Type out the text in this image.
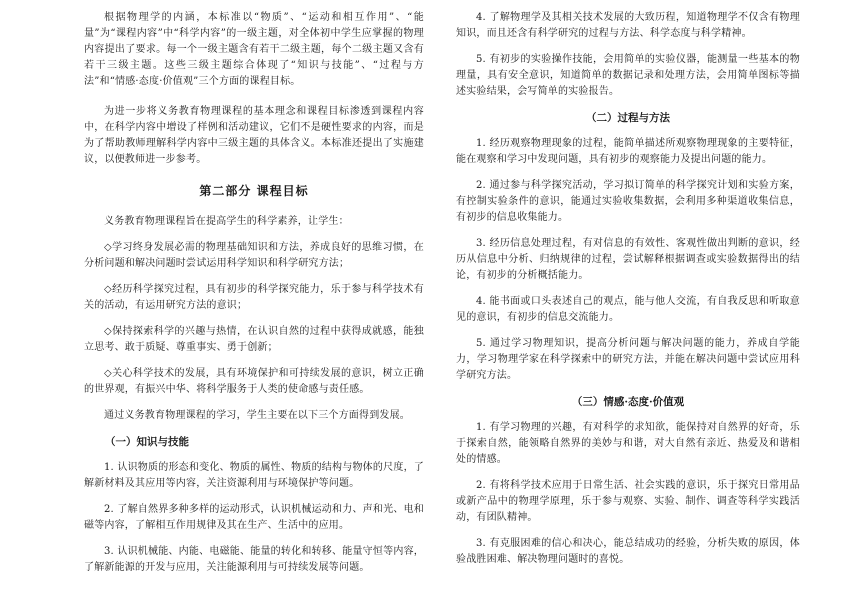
根据物理学的内涵，本标准以“物质”、“运动和相互作用”、“能量”为“课程内容”中“科学内容”的一级主题，对全体初中学生应掌握的物理内容提出了要求。每一个一级主题含有若干二级主题，每个二级主题又含有若干三级主题。这些三级主题综合体现了“知识与技能”、“过程与方法”和“情感·态度·价值观”三个方面的课程目标。

为进一步将义务教育物理课程的基本理念和课程目标渗透到课程内容中，在科学内容中增设了样例和活动建议，它们不是硬性要求的内容，而是为了帮助教师理解科学内容中三级主题的具体含义。本标准还提出了实施建议，以便教师进一步参考。

第二部分 课程目标

义务教育物理课程旨在提高学生的科学素养，让学生：

◇学习终身发展必需的物理基础知识和方法，养成良好的思维习惯，在分析问题和解决问题时尝试运用科学知识和科学研究方法；

◇经历科学探究过程，具有初步的科学探究能力，乐于参与科学技术有关的活动，有运用研究方法的意识；

◇保持探索科学的兴趣与热情，在认识自然的过程中获得成就感，能独立思考、敢于质疑、尊重事实、勇于创新；

◇关心科学技术的发展，具有环境保护和可持续发展的意识，树立正确的世界观，有振兴中华、将科学服务于人类的使命感与责任感。

通过义务教育物理课程的学习，学生主要在以下三个方面得到发展。

（一）知识与技能

1. 认识物质的形态和变化、物质的属性、物质的结构与物体的尺度，了解新材料及其应用等内容，关注资源利用与环境保护等问题。

2. 了解自然界多种多样的运动形式，认识机械运动和力、声和光、电和磁等内容，了解相互作用规律及其在生产、生活中的应用。

3. 认识机械能、内能、电磁能、能量的转化和转移、能量守恒等内容，了解新能源的开发与应用，关注能源利用与可持续发展等问题。

4. 了解物理学及其相关技术发展的大致历程，知道物理学不仅含有物理知识，而且还含有科学研究的过程与方法、科学态度与科学精神。

5. 有初步的实验操作技能，会用简单的实验仪器，能测量一些基本的物理量，具有安全意识，知道简单的数据记录和处理方法，会用简单图标等描述实验结果，会写简单的实验报告。

（二）过程与方法

1. 经历观察物理现象的过程，能简单描述所观察物理现象的主要特征，能在观察和学习中发现问题，具有初步的观察能力及提出问题的能力。

2. 通过参与科学探究活动，学习拟订简单的科学探究计划和实验方案，有控制实验条件的意识，能通过实验收集数据，会利用多种渠道收集信息，有初步的信息收集能力。

3. 经历信息处理过程，有对信息的有效性、客观性做出判断的意识，经历从信息中分析、归纳规律的过程，尝试解释根据调查或实验数据得出的结论，有初步的分析概括能力。

4. 能书面或口头表述自己的观点，能与他人交流，有自我反思和听取意见的意识，有初步的信息交流能力。

5. 通过学习物理知识，提高分析问题与解决问题的能力，养成自学能力，学习物理学家在科学探索中的研究方法，并能在解决问题中尝试应用科学研究方法。

（三）情感·态度·价值观

1. 有学习物理的兴趣，有对科学的求知欲，能保持对自然界的好奇，乐于探索自然，能领略自然界的美妙与和谐，对大自然有亲近、热爱及和谐相处的情感。

2. 有将科学技术应用于日常生活、社会实践的意识，乐于探究日常用品或新产品中的物理学原理，乐于参与观察、实验、制作、调查等科学实践活动，有团队精神。

3. 有克服困难的信心和决心，能总结成功的经验，分析失败的原因，体验战胜困难、解决物理问题时的喜悦。
